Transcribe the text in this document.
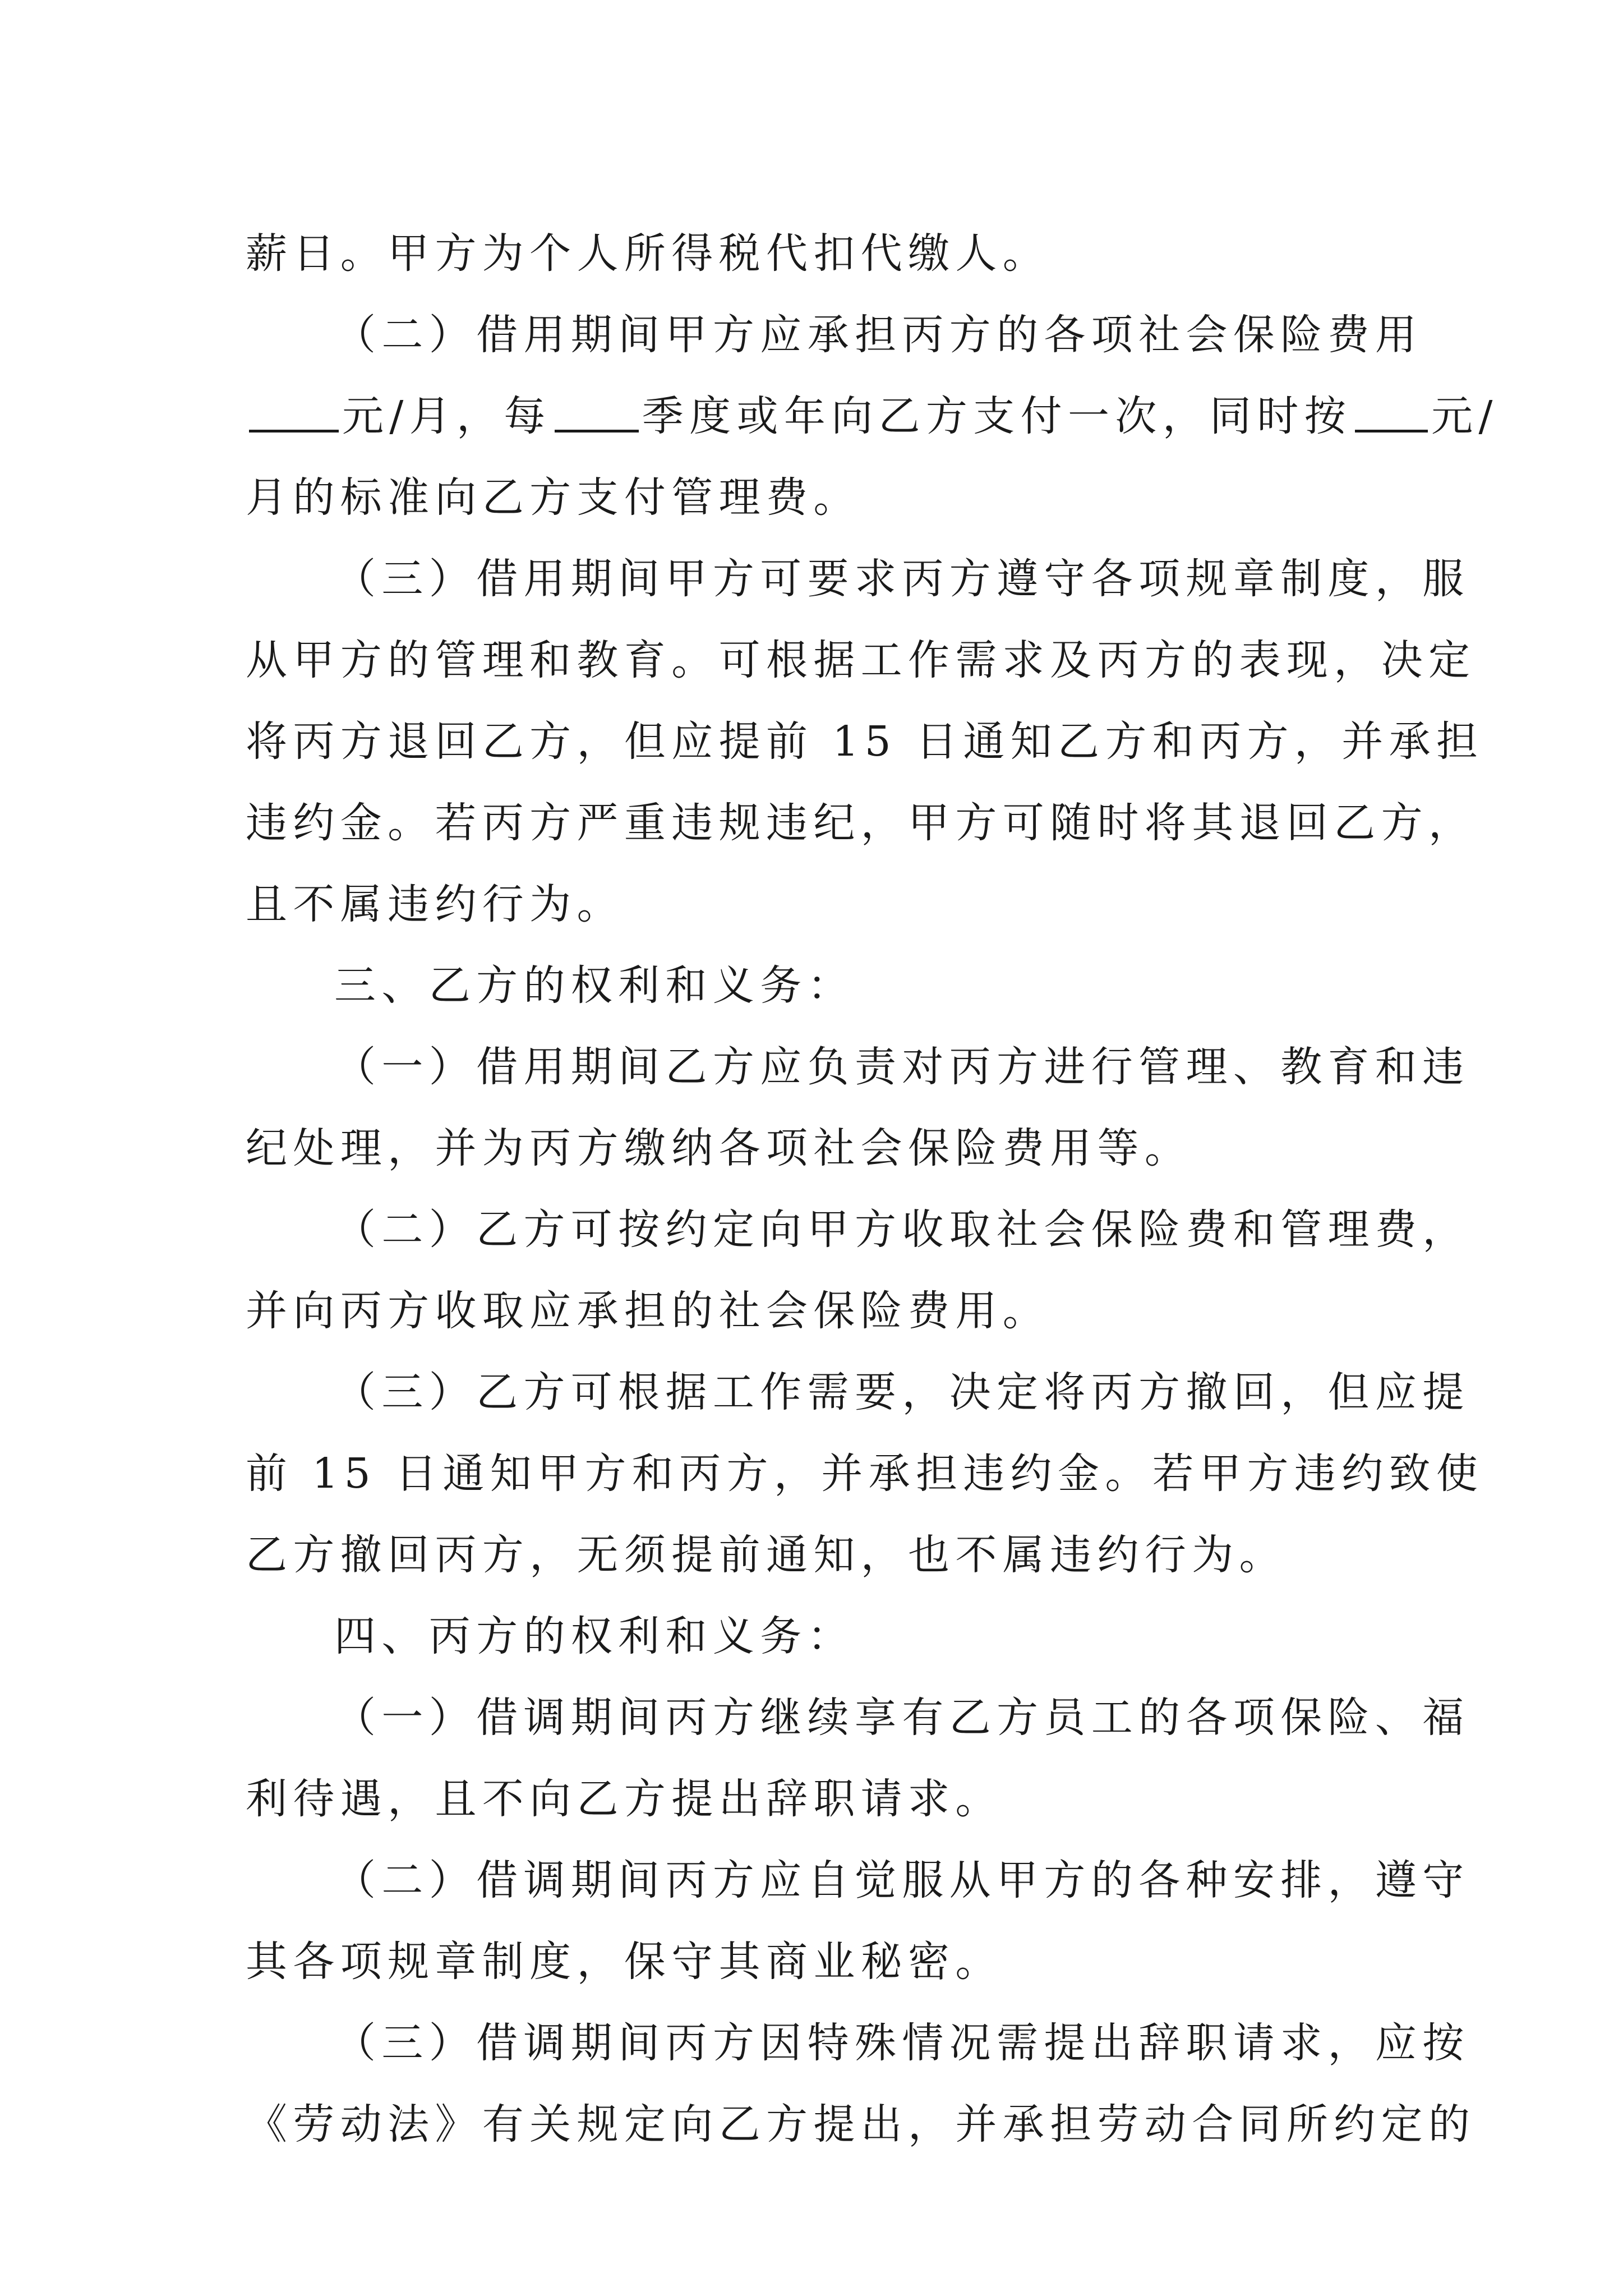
薪日。甲方为个人所得税代扣代缴人。
（二）借用期间甲方应承担丙方的各项社会保险费用
元/月，每 季度或年向乙方支付一次，同时按 元/
月的标准向乙方支付管理费。
（三）借用期间甲方可要求丙方遵守各项规章制度，服
从甲方的管理和教育。可根据工作需求及丙方的表现，决定
将丙方退回乙方，但应提前 15 日通知乙方和丙方，并承担
违约金。若丙方严重违规违纪，甲方可随时将其退回乙方，
且不属违约行为。
三、乙方的权利和义务：
（一）借用期间乙方应负责对丙方进行管理、教育和违
纪处理，并为丙方缴纳各项社会保险费用等。
（二）乙方可按约定向甲方收取社会保险费和管理费，
并向丙方收取应承担的社会保险费用。
（三）乙方可根据工作需要，决定将丙方撤回，但应提
前 15 日通知甲方和丙方，并承担违约金。若甲方违约致使
乙方撤回丙方，无须提前通知，也不属违约行为。
四、丙方的权利和义务：
（一）借调期间丙方继续享有乙方员工的各项保险、福
利待遇，且不向乙方提出辞职请求。
（二）借调期间丙方应自觉服从甲方的各种安排，遵守
其各项规章制度，保守其商业秘密。
（三）借调期间丙方因特殊情况需提出辞职请求，应按
《劳动法》有关规定向乙方提出，并承担劳动合同所约定的
